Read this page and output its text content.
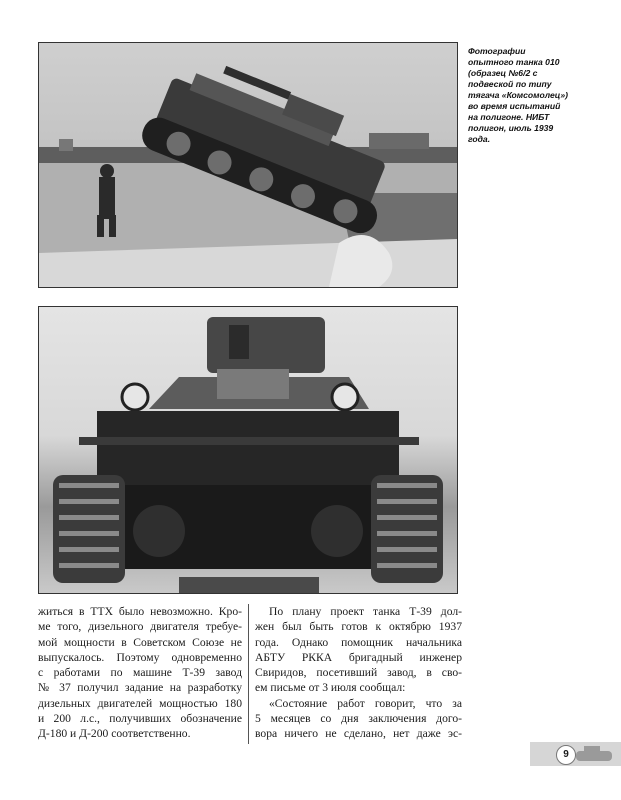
Фотографии
опытного танка 010
(образец №6/2 с
подвеской по типу
тягача «Комсомолец»)
во время испытаний
на полигоне. НИБТ
полигон, июль 1939
года.

житься в ТТХ было невозможно. Кро-
ме того, дизельного двигателя требуе-
мой мощности в Советском Союзе не
выпускалось. Поэтому одновременно
с работами по машине Т-39 завод
№ 37 получил задание на разработку
дизельных двигателей мощностью 180
и 200 л.с., получивших обозначение
Д-180 и Д-200 соответственно.

По плану проект танка Т-39 дол-
жен был быть готов к октябрю 1937
года. Однако помощник начальника
АБТУ РККА бригадный инженер
Свиридов, посетивший завод, в сво-
ем письме от 3 июля сообщал:

«Состояние работ говорит, что за
5 месяцев со дня заключения дого-
вора ничего не сделано, нет даже эс-

9
